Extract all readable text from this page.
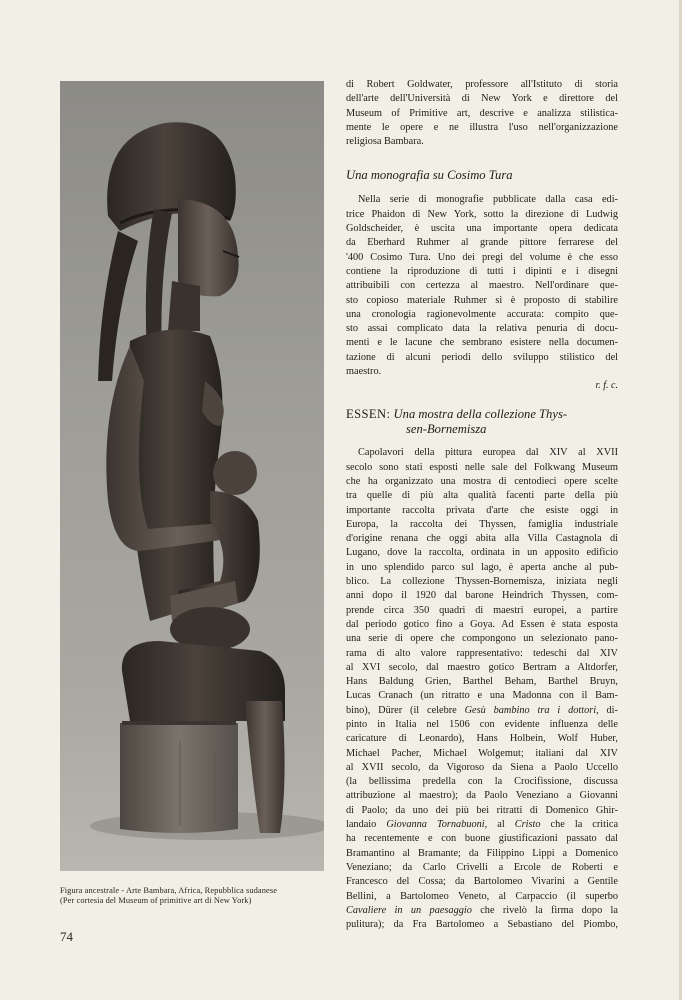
Figura ancestrale - Arte Bambara, Africa, Repubblica sudanese
(Per cortesia del Museum of primitive art di New York)
74
di Robert Goldwater, professore all'Istituto di storia
dell'arte dell'Università di New York e direttore del
Museum of Primitive art, descrive e analizza stilistica-
mente le opere e ne illustra l'uso nell'organizzazione
religiosa Bambara.
Una monografia su Cosimo Tura
Nella serie di monografie pubblicate dalla casa edi-
trice Phaidon di New York, sotto la direzione di Ludwig
Goldscheider, è uscita una importante opera dedicata
da Eberhard Ruhmer al grande pittore ferrarese del
'400 Cosimo Tura. Uno dei pregi del volume è che esso
contiene la riproduzione di tutti i dipinti e i disegni
attribuibili con certezza al maestro. Nell'ordinare que-
sto copioso materiale Ruhmer si è proposto di stabilire
una cronologia ragionevolmente accurata: compito que-
sto assai complicato data la relativa penuria di docu-
menti e le lacune che sembrano esistere nella documen-
tazione di alcuni periodi dello sviluppo stilistico del
maestro.
r. f. c.
ESSEN: Una mostra della collezione Thys-
sen-Bornemisza
Capolavori della pittura europea dal XIV al XVII
secolo sono stati esposti nelle sale del Folkwang Museum
che ha organizzato una mostra di centodieci opere scelte
tra quelle di più alta qualità facenti parte della più
importante raccolta privata d'arte che esiste oggi in
Europa, la raccolta dei Thyssen, famiglia industriale
d'origine renana che oggi abita alla Villa Castagnola di
Lugano, dove la raccolta, ordinata in un apposito edificio
in uno splendido parco sul lago, è aperta anche al pub-
blico. La collezione Thyssen-Bornemisza, iniziata negli
anni dopo il 1920 dal barone Heindrich Thyssen, com-
prende circa 350 quadri di maestri europei, a partire
dal periodo gotico fino a Goya. Ad Essen è stata esposta
una serie di opere che compongono un selezionato pano-
rama di alto valore rappresentativo: tedeschi dal XIV
al XVI secolo, dal maestro gotico Bertram a Altdorfer,
Hans Baldung Grien, Barthel Beham, Barthel Bruyn,
Lucas Cranach (un ritratto e una Madonna con il Bam-
bino), Dürer (il celebre Gesù bambino tra i dottori, di-
pinto in Italia nel 1506 con evidente influenza delle
caricature di Leonardo), Hans Holbein, Wolf Huber,
Michael Pacher, Michael Wolgemut; italiani dal XIV
al XVII secolo, da Vigoroso da Siena a Paolo Uccello
(la bellissima predella con la Crocifissione, discussa
attribuzione al maestro); da Paolo Veneziano a Giovanni
di Paolo; da uno dei più bei ritratti di Domenico Ghir-
landaio Giovanna Tornabuoni, al Cristo che la critica
ha recentemente e con buone giustificazioni passato dal
Bramantino al Bramante; da Filippino Lippi a Domenico
Veneziano; da Carlo Crivelli a Ercole de Roberti e
Francesco del Cossa; da Bartolomeo Vivarini a Gentile
Bellini, a Bartolomeo Veneto, al Carpaccio (il superbo
Cavaliere in un paesaggio che rivelò la firma dopo la
pulitura); da Fra Bartolomeo a Sebastiano del Piombo,
